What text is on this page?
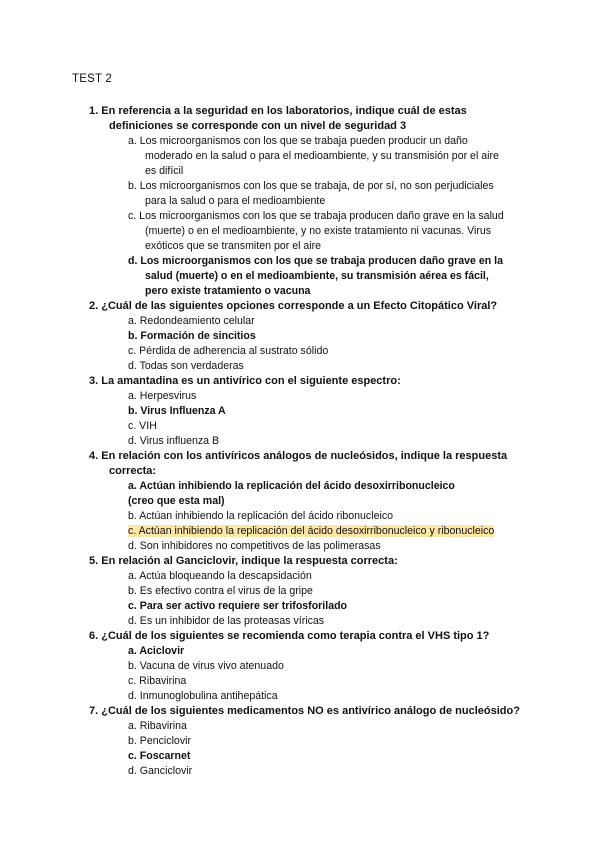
TEST 2
1. En referencia a la seguridad en los laboratorios, indique cuál de estas
definiciones se corresponde con un nivel de seguridad 3
a. Los microorganismos con los que se trabaja pueden producir un daño
moderado en la salud o para el medioambiente, y su transmisión por el aire
es difícil
b. Los microorganismos con los que se trabaja, de por sí, no son perjudiciales
para la salud o para el medioambiente
c. Los microorganismos con los que se trabaja producen daño grave en la salud
(muerte) o en el medioambiente, y no existe tratamiento ni vacunas. Virus
exóticos que se transmiten por el aire
d. Los microorganismos con los que se trabaja producen daño grave en la
salud (muerte) o en el medioambiente, su transmisión aérea es fácil,
pero existe tratamiento o vacuna
2. ¿Cuál de las siguientes opciones corresponde a un Efecto Citopático Viral?
a. Redondeamiento celular
b. Formación de sincitios
c. Pérdida de adherencia al sustrato sólido
d. Todas son verdaderas
3. La amantadina es un antivírico con el siguiente espectro:
a. Herpesvirus
b. Virus Influenza A
c. VIH
d. Virus influenza B
4. En relación con los antivíricos análogos de nucleósidos, indique la respuesta
correcta:
a. Actúan inhibiendo la replicación del ácido desoxirribonucleico
(creo que esta mal)
b. Actúan inhibiendo la replicación del ácido ribonucleico
c. Actúan inhibiendo la replicación del ácido desoxirribonucleico y ribonucleico
d. Son inhibidores no competitivos de las polimerasas
5. En relación al Ganciclovir, indique la respuesta correcta:
a. Actúa bloqueando la descapsidación
b. Es efectivo contra el virus de la gripe
c. Para ser activo requiere ser trifosforilado
d. Es un inhibidor de las proteasas víricas
6. ¿Cuál de los siguientes se recomienda como terapia contra el VHS tipo 1?
a. Aciclovir
b. Vacuna de virus vivo atenuado
c. Ribavirina
d. Inmunoglobulina antihepática
7. ¿Cuál de los siguientes medicamentos NO es antivírico análogo de nucleósido?
a. Ribavirina
b. Penciclovir
c. Foscarnet
d. Ganciclovir
